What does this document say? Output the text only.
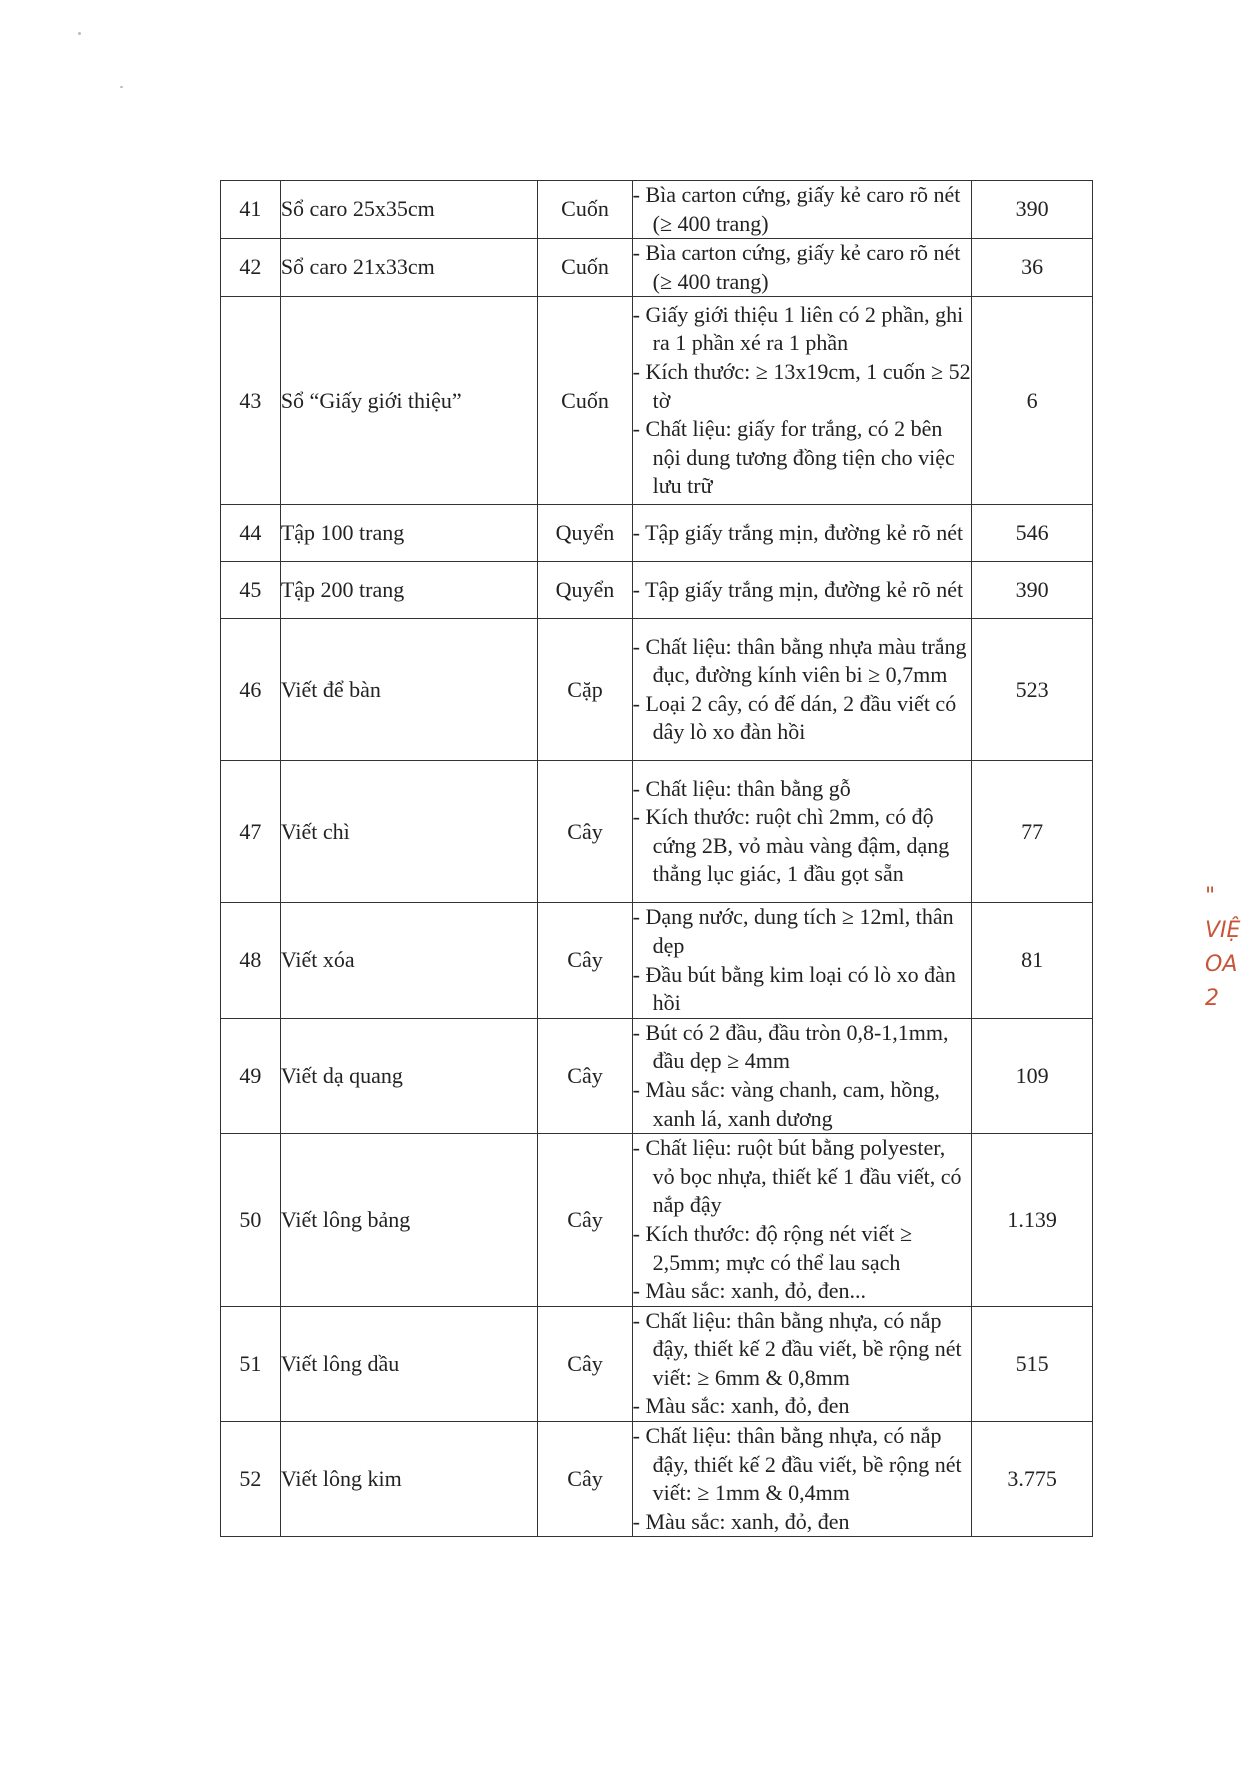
41	Sổ caro 25x35cm	Cuốn	- Bìa carton cứng, giấy kẻ caro rõ nét (≥ 400 trang)	390
42	Sổ caro 21x33cm	Cuốn	- Bìa carton cứng, giấy kẻ caro rõ nét (≥ 400 trang)	36
43	Sổ “Giấy giới thiệu”	Cuốn	- Giấy giới thiệu 1 liên có 2 phần, ghi ra 1 phần xé ra 1 phần
- Kích thước: ≥ 13x19cm, 1 cuốn ≥ 52 tờ
- Chất liệu: giấy for trắng, có 2 bên nội dung tương đồng tiện cho việc lưu trữ	6
44	Tập 100 trang	Quyển	- Tập giấy trắng mịn, đường kẻ rõ nét	546
45	Tập 200 trang	Quyển	- Tập giấy trắng mịn, đường kẻ rõ nét	390
46	Viết để bàn	Cặp	- Chất liệu: thân bằng nhựa màu trắng đục, đường kính viên bi ≥ 0,7mm
- Loại 2 cây, có đế dán, 2 đầu viết có dây lò xo đàn hồi	523
47	Viết chì	Cây	- Chất liệu: thân bằng gỗ
- Kích thước: ruột chì 2mm, có độ cứng 2B, vỏ màu vàng đậm, dạng thẳng lục giác, 1 đầu gọt sẵn	77
48	Viết xóa	Cây	- Dạng nước, dung tích ≥ 12ml, thân dẹp
- Đầu bút bằng kim loại có lò xo đàn hồi	81
49	Viết dạ quang	Cây	- Bút có 2 đầu, đầu tròn 0,8-1,1mm, đầu dẹp ≥ 4mm
- Màu sắc: vàng chanh, cam, hồng, xanh lá, xanh dương	109
50	Viết lông bảng	Cây	- Chất liệu: ruột bút bằng polyester, vỏ bọc nhựa, thiết kế 1 đầu viết, có nắp đậy
- Kích thước: độ rộng nét viết ≥ 2,5mm; mực có thể lau sạch
- Màu sắc: xanh, đỏ, đen...	1.139
51	Viết lông dầu	Cây	- Chất liệu: thân bằng nhựa, có nắp đậy, thiết kế 2 đầu viết, bề rộng nét viết: ≥ 6mm & 0,8mm
- Màu sắc: xanh, đỏ, đen	515
52	Viết lông kim	Cây	- Chất liệu: thân bằng nhựa, có nắp đậy, thiết kế 2 đầu viết, bề rộng nét viết: ≥ 1mm & 0,4mm
- Màu sắc: xanh, đỏ, đen	3.775
"
VIỆ
OA
2
